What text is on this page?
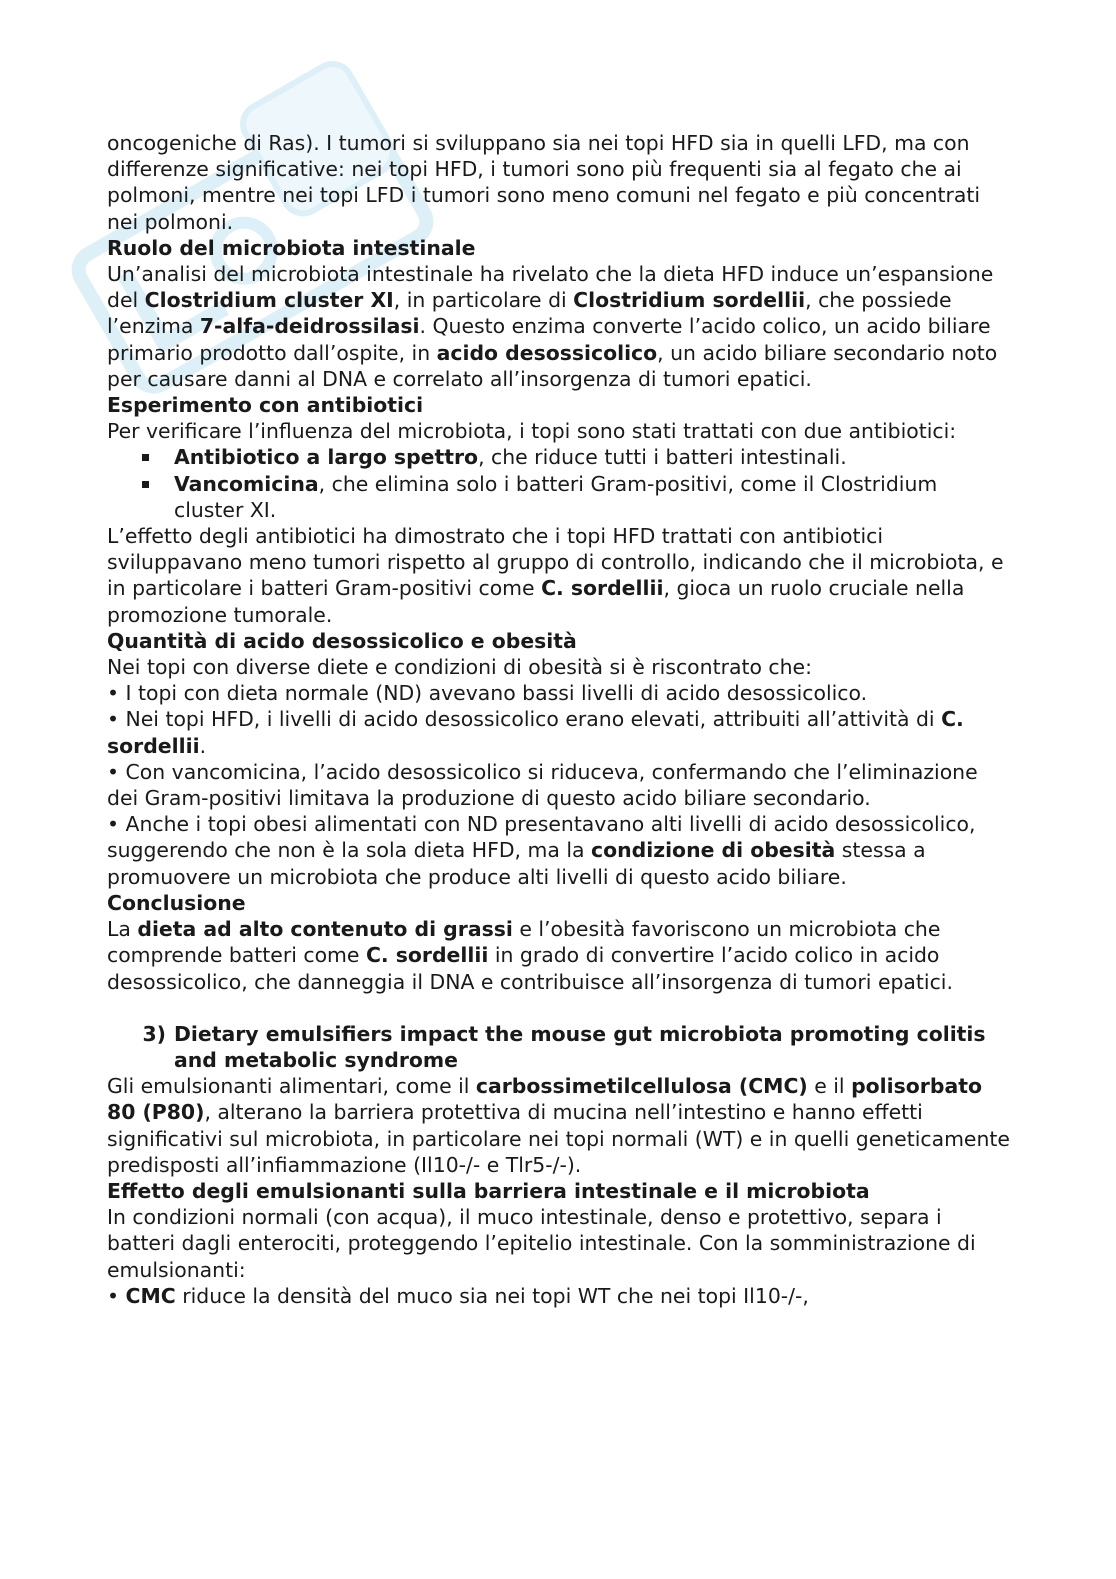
oncogeniche di Ras). I tumori si sviluppano sia nei topi HFD sia in quelli LFD, ma con differenze significative: nei topi HFD, i tumori sono più frequenti sia al fegato che ai polmoni, mentre nei topi LFD i tumori sono meno comuni nel fegato e più concentrati nei polmoni.

Ruolo del microbiota intestinale

Un’analisi del microbiota intestinale ha rivelato che la dieta HFD induce un’espansione del Clostridium cluster XI, in particolare di Clostridium sordellii, che possiede l’enzima 7-alfa-deidrossilasi. Questo enzima converte l’acido colico, un acido biliare primario prodotto dall’ospite, in acido desossicolico, un acido biliare secondario noto per causare danni al DNA e correlato all’insorgenza di tumori epatici.

Esperimento con antibiotici

Per verificare l’influenza del microbiota, i topi sono stati trattati con due antibiotici:

Antibiotico a largo spettro, che riduce tutti i batteri intestinali.
Vancomicina, che elimina solo i batteri Gram-positivi, come il Clostridium cluster XI.

L’effetto degli antibiotici ha dimostrato che i topi HFD trattati con antibiotici sviluppavano meno tumori rispetto al gruppo di controllo, indicando che il microbiota, e in particolare i batteri Gram-positivi come C. sordellii, gioca un ruolo cruciale nella promozione tumorale.

Quantità di acido desossicolico e obesità

Nei topi con diverse diete e condizioni di obesità si è riscontrato che:

• I topi con dieta normale (ND) avevano bassi livelli di acido desossicolico.

• Nei topi HFD, i livelli di acido desossicolico erano elevati, attribuiti all’attività di C. sordellii.

• Con vancomicina, l’acido desossicolico si riduceva, confermando che l’eliminazione dei Gram-positivi limitava la produzione di questo acido biliare secondario.

• Anche i topi obesi alimentati con ND presentavano alti livelli di acido desossicolico, suggerendo che non è la sola dieta HFD, ma la condizione di obesità stessa a promuovere un microbiota che produce alti livelli di questo acido biliare.

Conclusione

La dieta ad alto contenuto di grassi e l’obesità favoriscono un microbiota che comprende batteri come C. sordellii in grado di convertire l’acido colico in acido desossicolico, che danneggia il DNA e contribuisce all’insorgenza di tumori epatici.

3) Dietary emulsifiers impact the mouse gut microbiota promoting colitis and metabolic syndrome

Gli emulsionanti alimentari, come il carbossimetilcellulosa (CMC) e il polisorbato 80 (P80), alterano la barriera protettiva di mucina nell’intestino e hanno effetti significativi sul microbiota, in particolare nei topi normali (WT) e in quelli geneticamente predisposti all’infiammazione (Il10-/- e Tlr5-/-).

Effetto degli emulsionanti sulla barriera intestinale e il microbiota

In condizioni normali (con acqua), il muco intestinale, denso e protettivo, separa i batteri dagli enterociti, proteggendo l’epitelio intestinale. Con la somministrazione di emulsionanti:

• CMC riduce la densità del muco sia nei topi WT che nei topi Il10-/-,
